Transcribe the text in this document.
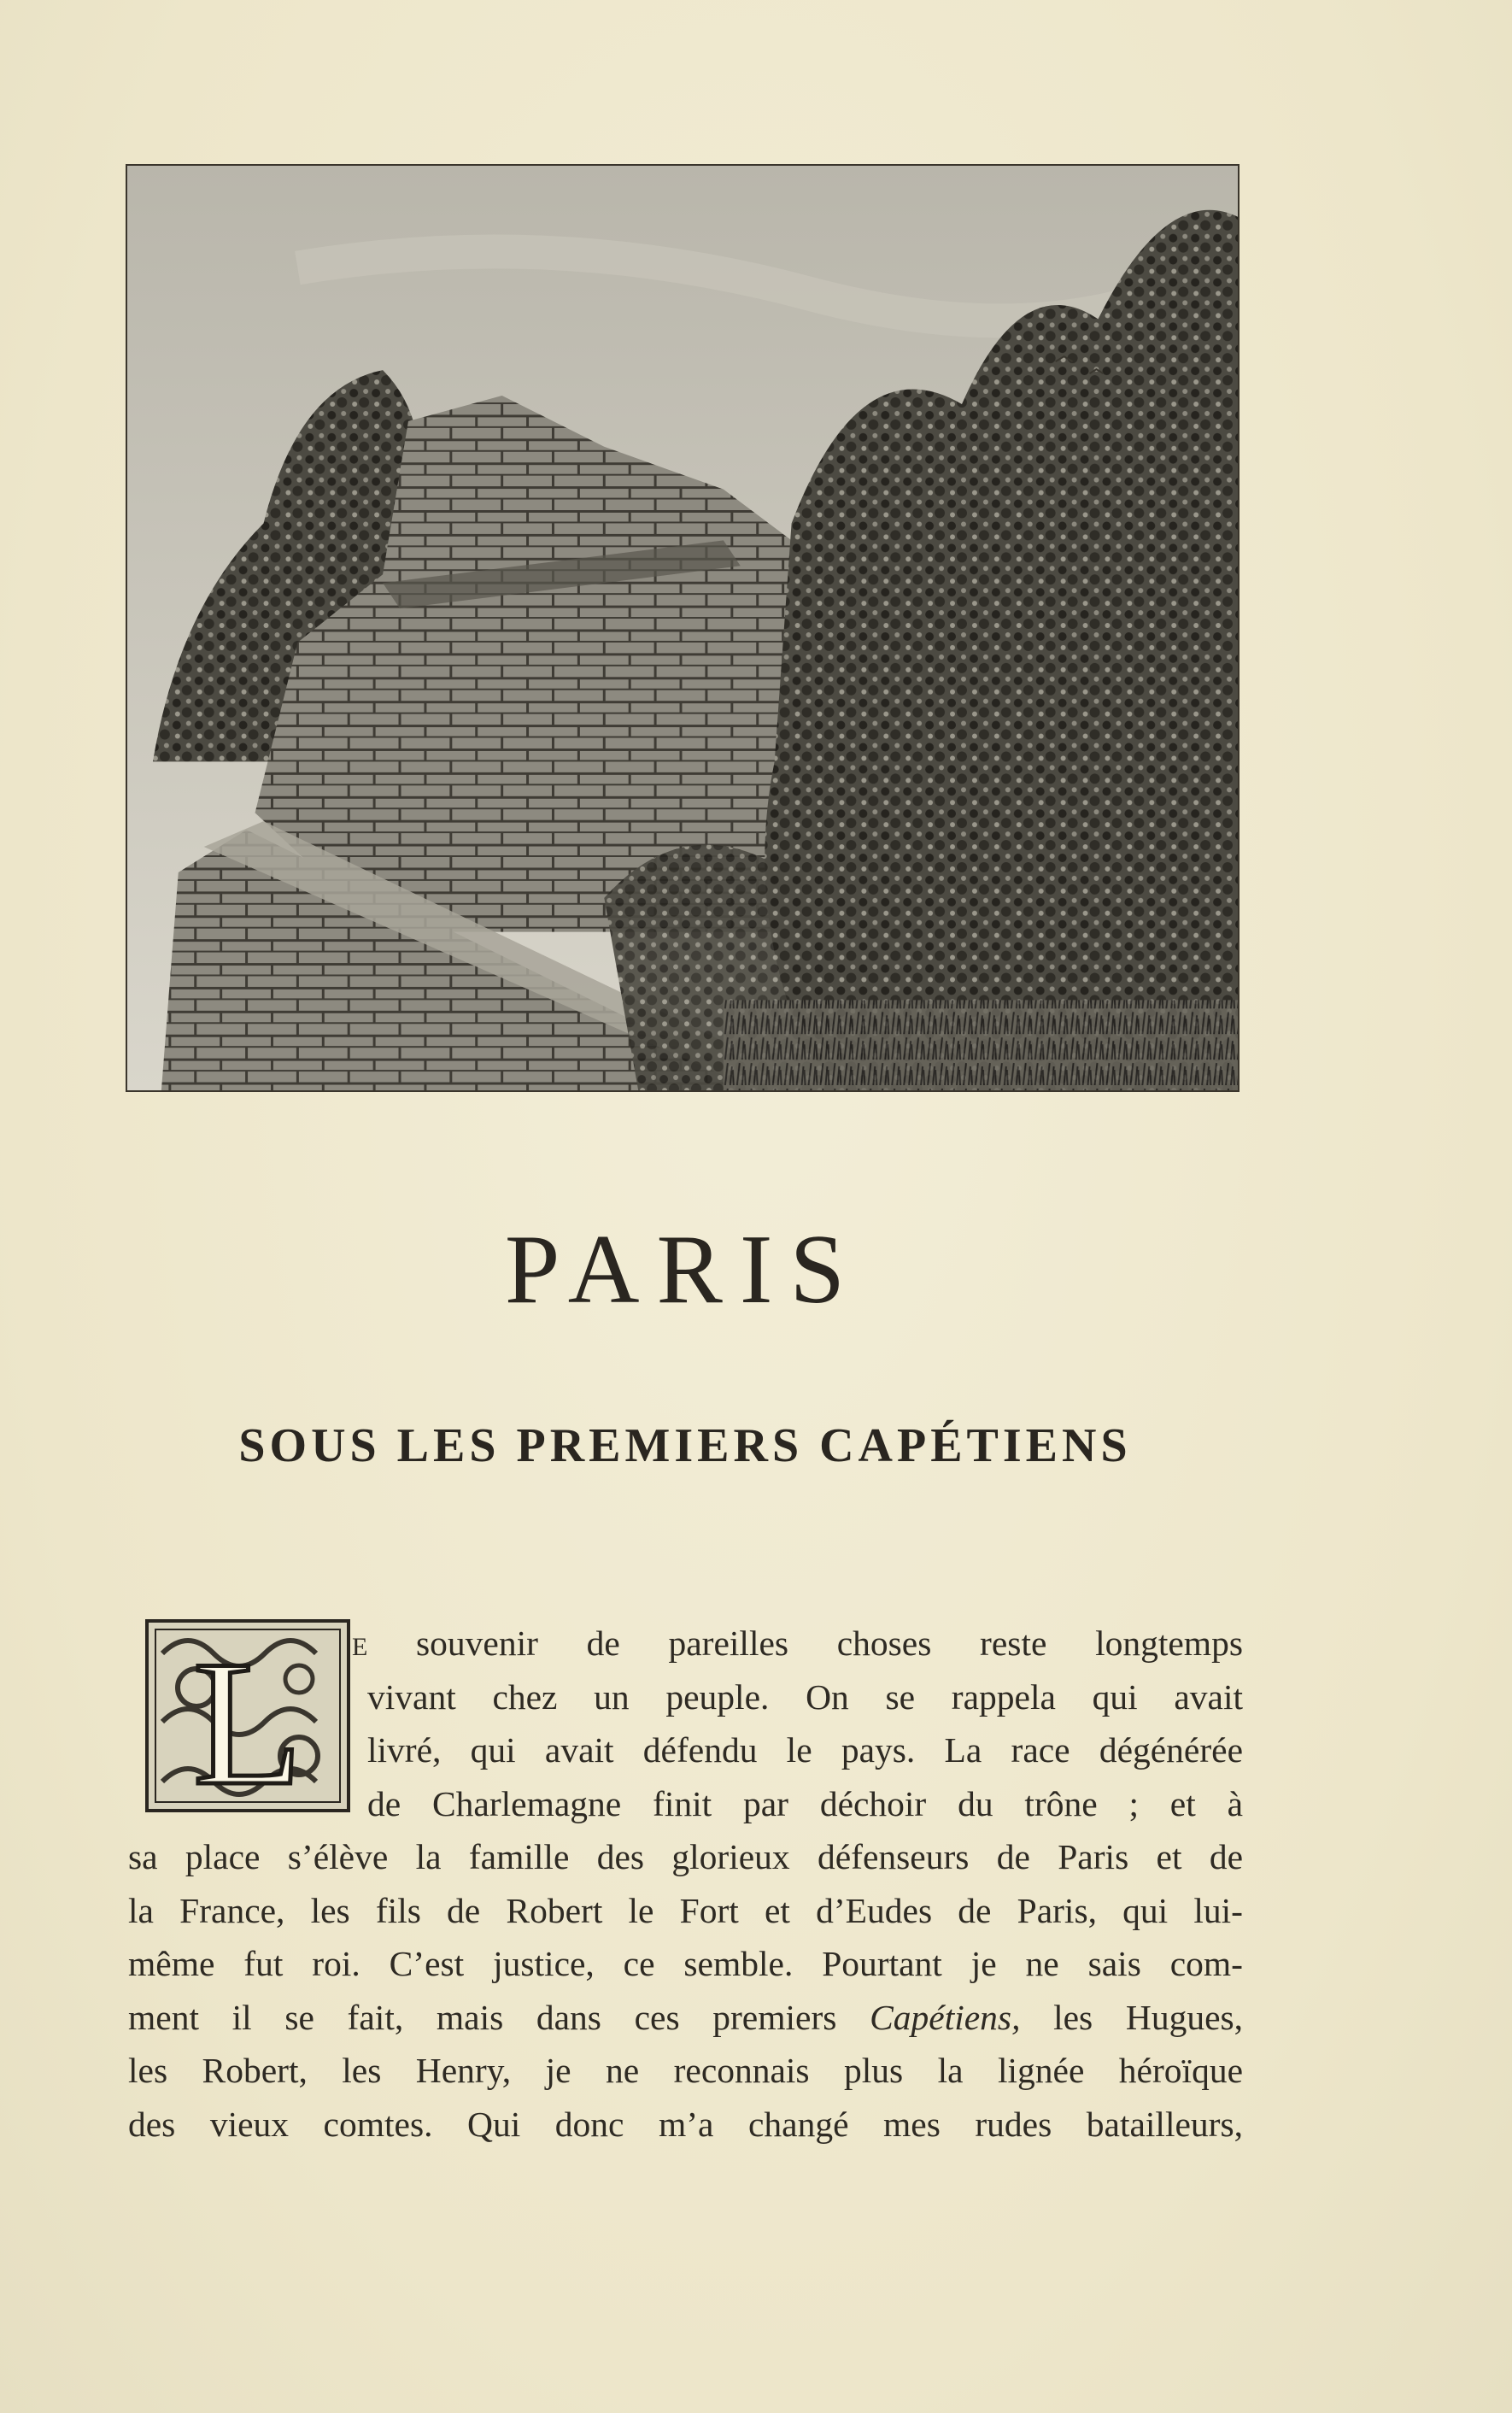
PARIS
SOUS LES PREMIERS CAPÉTIENS
L	E souvenir de pareilles choses reste longtemps
vivant chez un peuple. On se rappela qui avait
livré, qui avait défendu le pays. La race dégénérée
de Charlemagne finit par déchoir du trône ; et à
sa place s’élève la famille des glorieux défenseurs de Paris et de
la France, les fils de Robert le Fort et d’Eudes de Paris, qui lui-
même fut roi. C’est justice, ce semble. Pourtant je ne sais com-
ment il se fait, mais dans ces premiers Capétiens, les Hugues,
les Robert, les Henry, je ne reconnais plus la lignée héroïque
des vieux comtes. Qui donc m’a changé mes rudes batailleurs,
